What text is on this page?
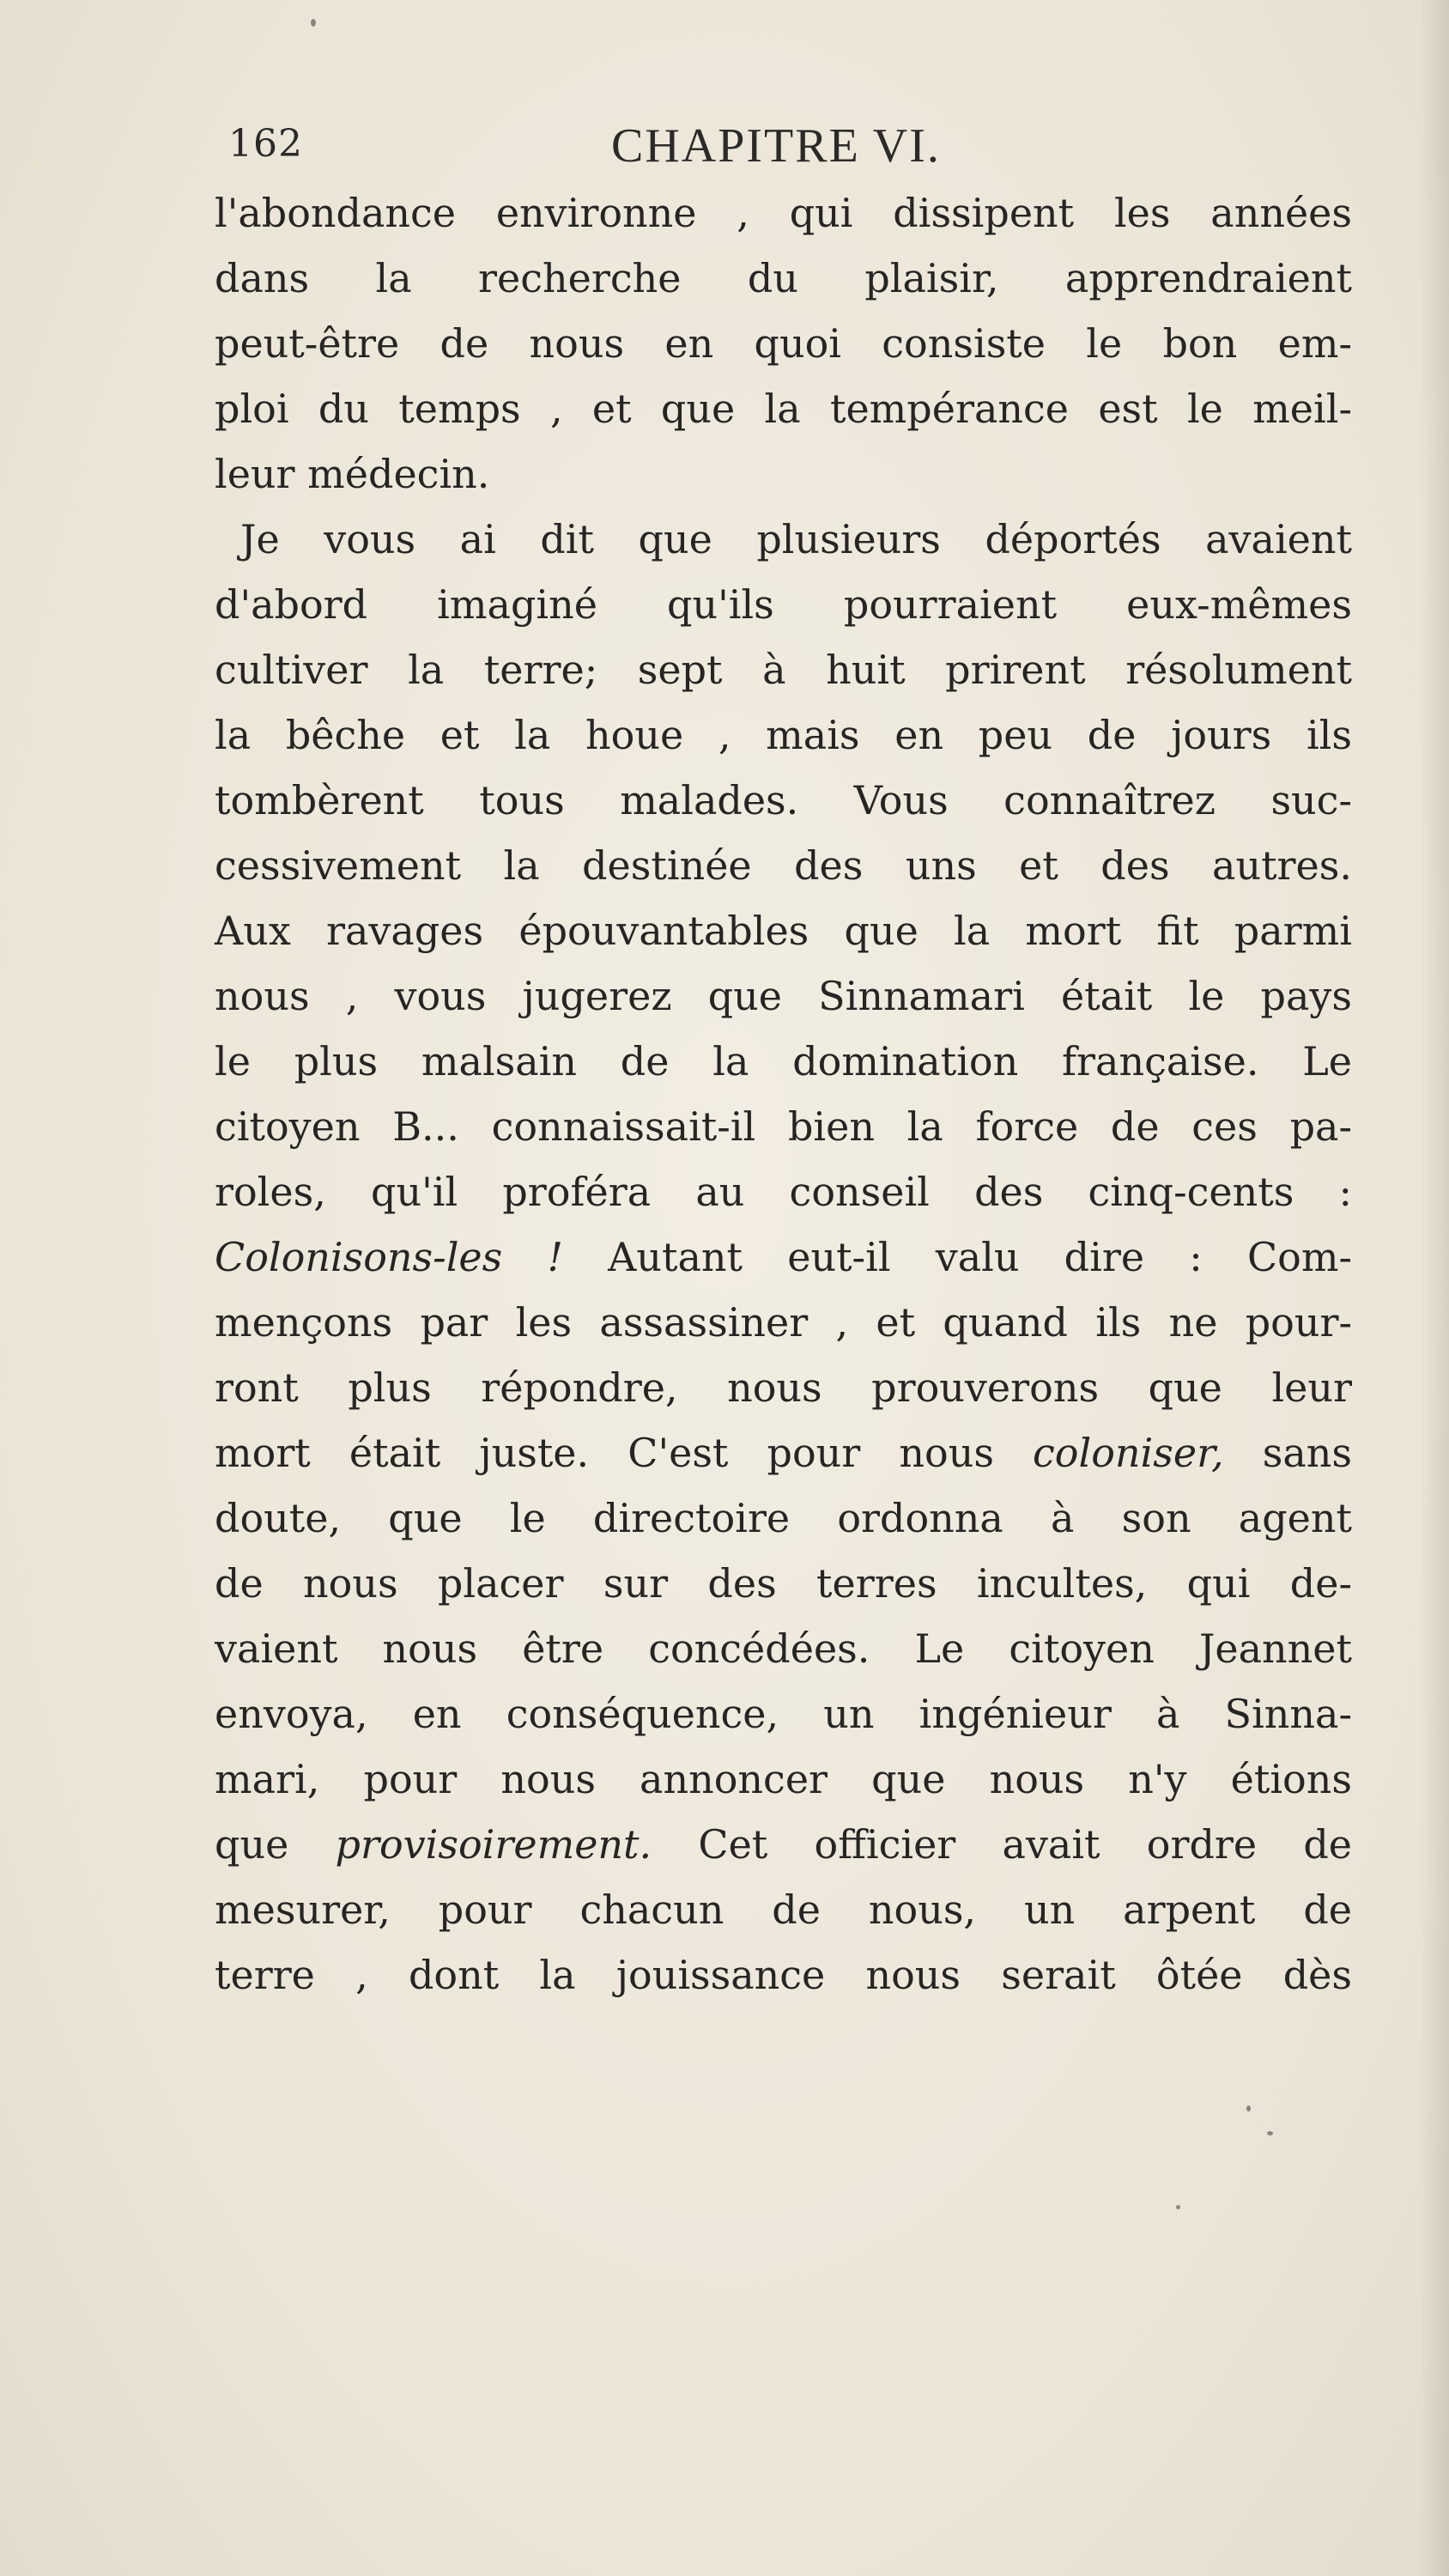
162	CHAPITRE VI.
l'abondance environne , qui dissipent les années
dans la recherche du plaisir, apprendraient
peut-être de nous en quoi consiste le bon em-
ploi du temps , et que la tempérance est le meil-
leur médecin.
Je vous ai dit que plusieurs déportés avaient
d'abord imaginé qu'ils pourraient eux-mêmes
cultiver la terre; sept à huit prirent résolument
la bêche et la houe , mais en peu de jours ils
tombèrent tous malades. Vous connaîtrez suc-
cessivement la destinée des uns et des autres.
Aux ravages épouvantables que la mort fit parmi
nous , vous jugerez que Sinnamari était le pays
le plus malsain de la domination française. Le
citoyen B... connaissait-il bien la force de ces pa-
roles, qu'il proféra au conseil des cinq-cents :
Colonisons-les ! Autant eut-il valu dire : Com-
mençons par les assassiner , et quand ils ne pour-
ront plus répondre, nous prouverons que leur
mort était juste. C'est pour nous coloniser, sans
doute, que le directoire ordonna à son agent
de nous placer sur des terres incultes, qui de-
vaient nous être concédées. Le citoyen Jeannet
envoya, en conséquence, un ingénieur à Sinna-
mari, pour nous annoncer que nous n'y étions
que provisoirement. Cet officier avait ordre de
mesurer, pour chacun de nous, un arpent de
terre , dont la jouissance nous serait ôtée dès
